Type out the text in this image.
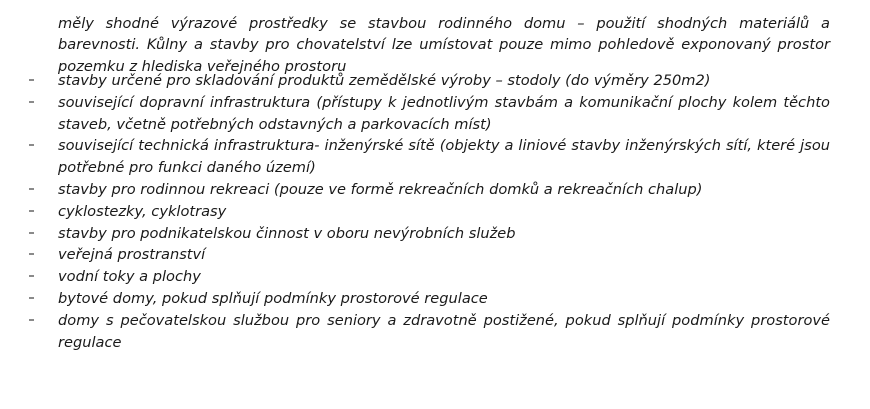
měly shodné výrazové prostředky se stavbou rodinného domu – použití shodných materiálů a barevnosti. Kůlny a stavby pro chovatelství lze umístovat pouze mimo pohledově exponovaný prostor pozemku z hlediska veřejného prostoru

stavby určené pro skladování produktů zemědělské výroby – stodoly (do výměry 250m2)
související dopravní infrastruktura (přístupy k jednotlivým stavbám a komunikační plochy kolem těchto staveb, včetně potřebných odstavných a parkovacích míst)
související technická infrastruktura- inženýrské sítě (objekty a liniové stavby inženýrských sítí, které jsou potřebné pro funkci daného území)
stavby pro rodinnou rekreaci (pouze ve formě rekreačních domků a rekreačních chalup)
cyklostezky, cyklotrasy
stavby pro podnikatelskou činnost v oboru nevýrobních služeb
veřejná prostranství
vodní toky a plochy
bytové domy, pokud splňují podmínky prostorové regulace
domy s pečovatelskou službou pro seniory a zdravotně postižené, pokud splňují podmínky prostorové regulace
